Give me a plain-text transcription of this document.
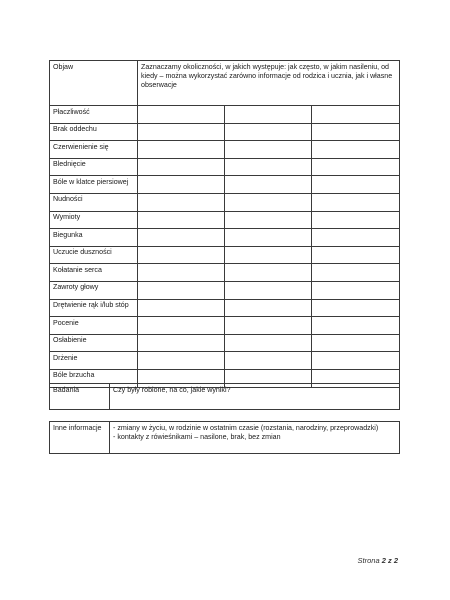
Objaw	Zaznaczamy okoliczności, w jakich występuje: jak często, w jakim nasileniu, od kiedy – można wykorzystać zarówno informacje od rodzica i ucznia, jak i własne obserwacje		
Płaczliwość			
Brak oddechu			
Czerwienienie się			
Blednięcie			
Bóle w klatce piersiowej			
Nudności			
Wymioty			
Biegunka			
Uczucie duszności			
Kołatanie serca			
Zawroty głowy			
Drętwienie rąk i/lub stóp			
Pocenie			
Osłabienie			
Drżenie			
Bóle brzucha			
Badania	Czy były robione, na co, jakie wyniki?
Inne informacje	- zmiany w życiu, w rodzinie w ostatnim czasie (rozstania, narodziny, przeprowadzki)
- kontakty z rówieśnikami – nasilone, brak, bez zmian
Strona 2 z 2
